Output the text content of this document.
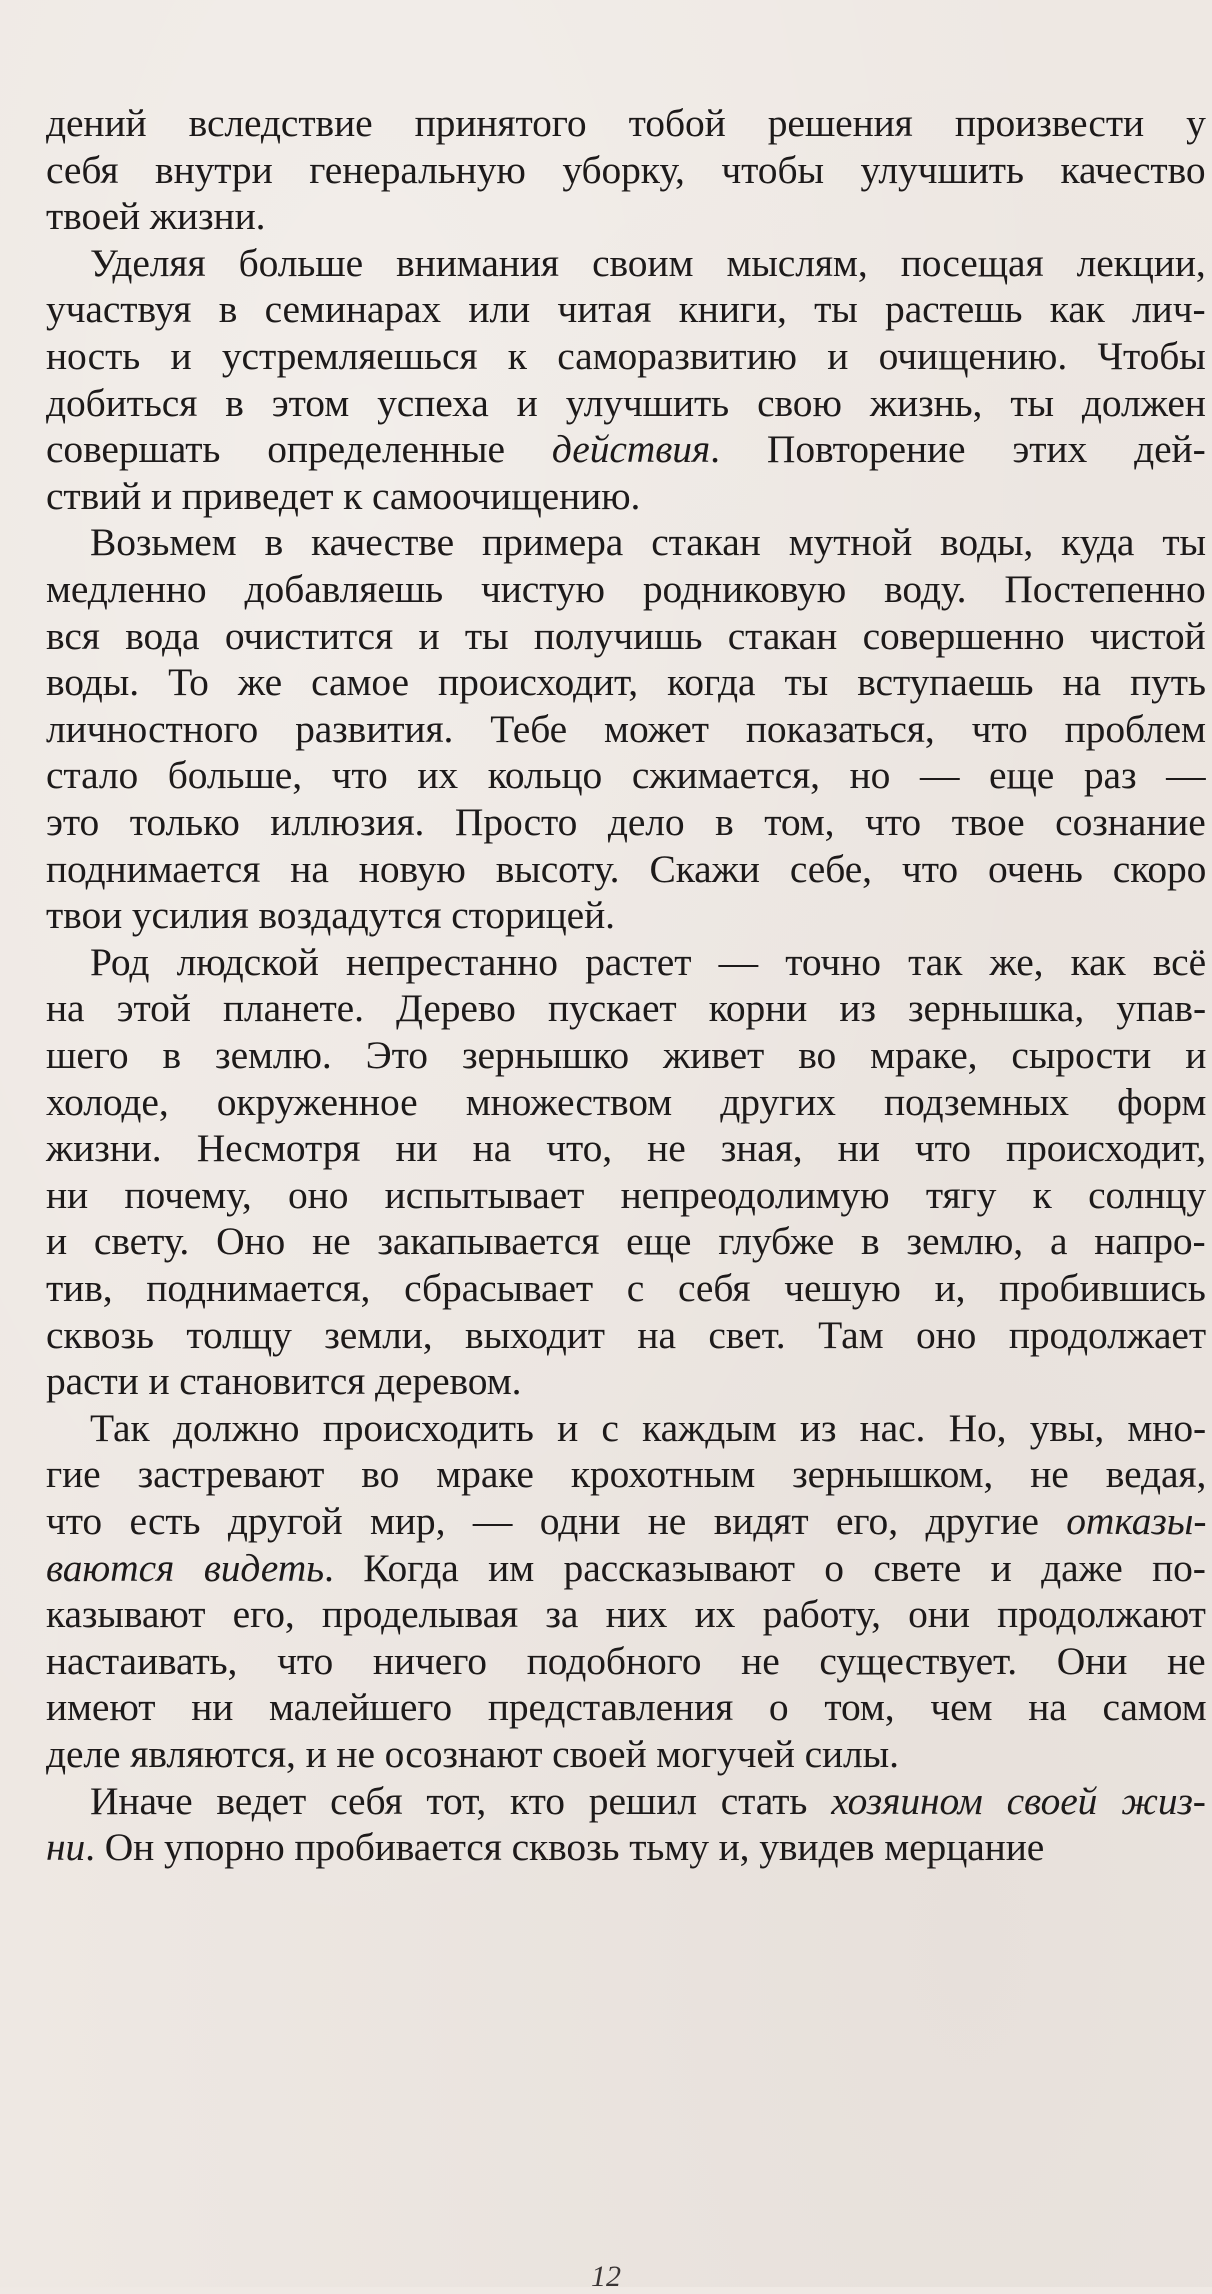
дений вследствие принятого тобой решения произвести у
себя внутри генеральную уборку, чтобы улучшить качество
твоей жизни.
Уделяя больше внимания своим мыслям, посещая лекции,
участвуя в семинарах или читая книги, ты растешь как лич-
ность и устремляешься к саморазвитию и очищению. Чтобы
добиться в этом успеха и улучшить свою жизнь, ты должен
совершать определенные действия. Повторение этих дей-
ствий и приведет к самоочищению.
Возьмем в качестве примера стакан мутной воды, куда ты
медленно добавляешь чистую родниковую воду. Постепенно
вся вода очистится и ты получишь стакан совершенно чистой
воды. То же самое происходит, когда ты вступаешь на путь
личностного развития. Тебе может показаться, что проблем
стало больше, что их кольцо сжимается, но — еще раз —
это только иллюзия. Просто дело в том, что твое сознание
поднимается на новую высоту. Скажи себе, что очень скоро
твои усилия воздадутся сторицей.
Род людской непрестанно растет — точно так же, как всё
на этой планете. Дерево пускает корни из зернышка, упав-
шего в землю. Это зернышко живет во мраке, сырости и
холоде, окруженное множеством других подземных форм
жизни. Несмотря ни на что, не зная, ни что происходит,
ни почему, оно испытывает непреодолимую тягу к солнцу
и свету. Оно не закапывается еще глубже в землю, а напро-
тив, поднимается, сбрасывает с себя чешую и, пробившись
сквозь толщу земли, выходит на свет. Там оно продолжает
расти и становится деревом.
Так должно происходить и с каждым из нас. Но, увы, мно-
гие застревают во мраке крохотным зернышком, не ведая,
что есть другой мир, — одни не видят его, другие отказы-
ваются видеть. Когда им рассказывают о свете и даже по-
казывают его, проделывая за них их работу, они продолжают
настаивать, что ничего подобного не существует. Они не
имеют ни малейшего представления о том, чем на самом
деле являются, и не осознают своей могучей силы.
Иначе ведет себя тот, кто решил стать хозяином своей жиз-
ни. Он упорно пробивается сквозь тьму и, увидев мерцание
12
